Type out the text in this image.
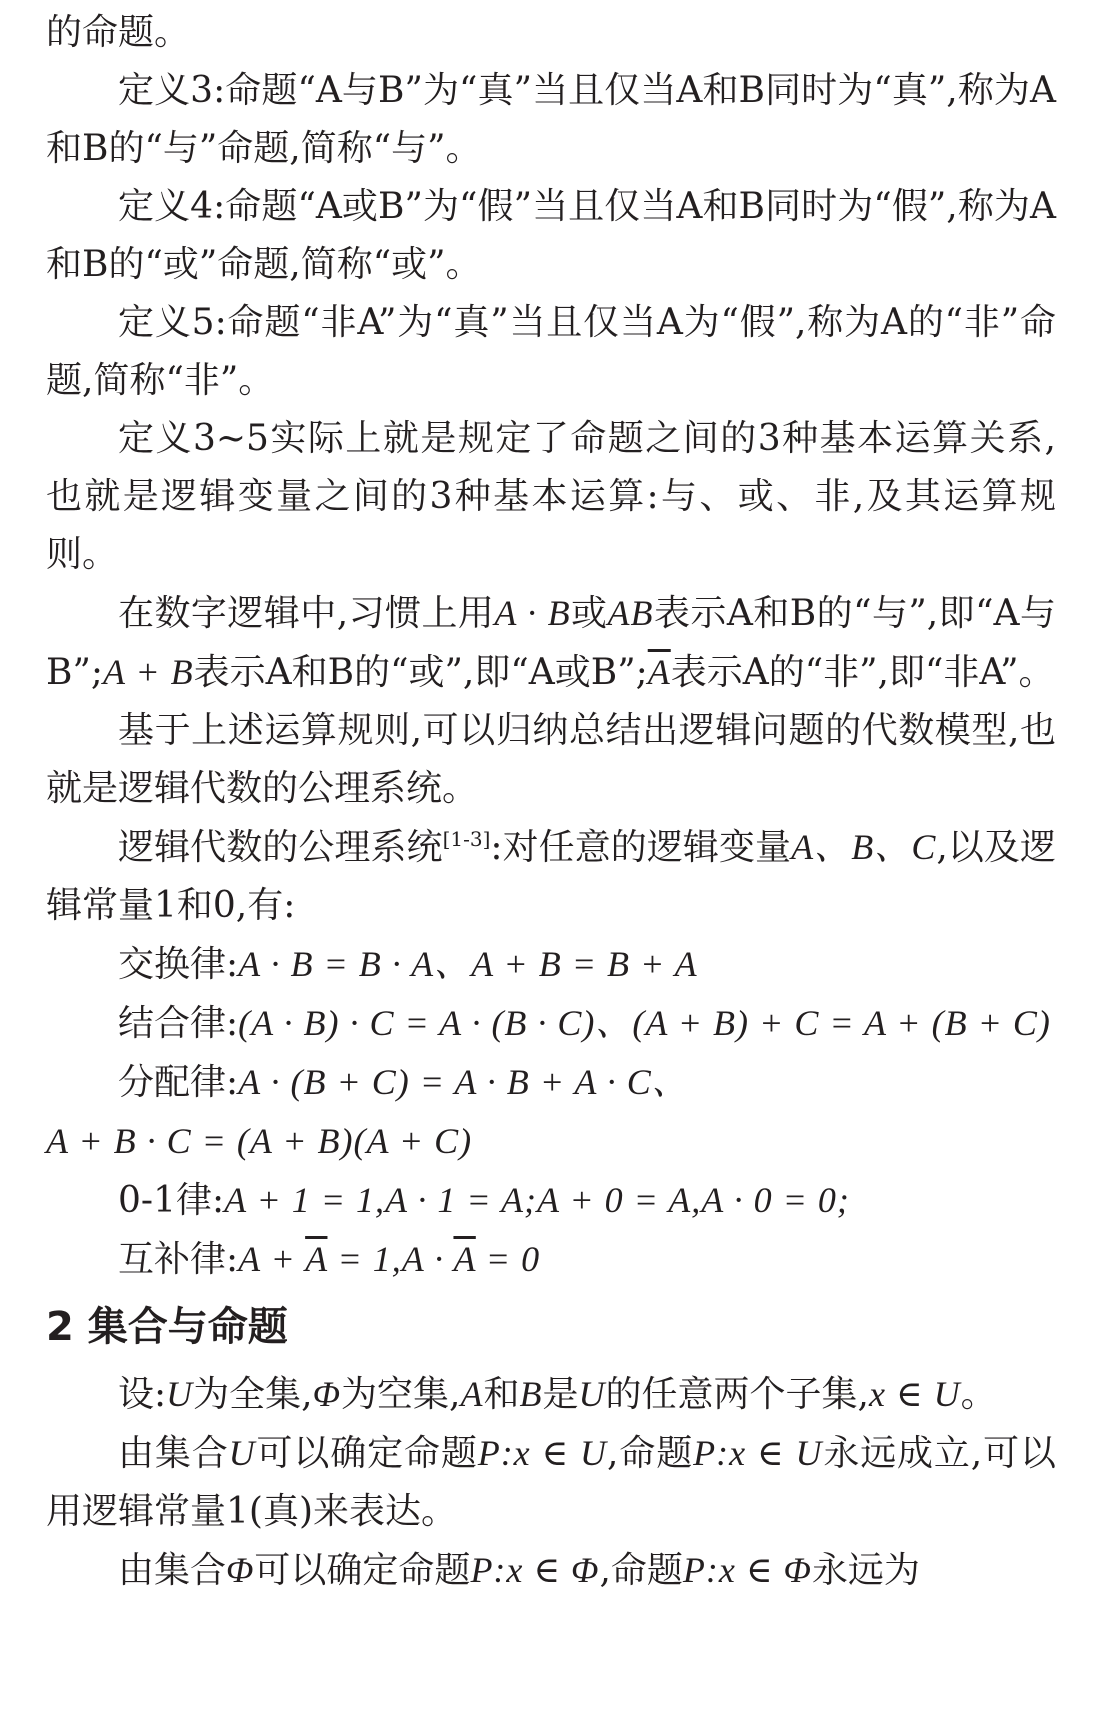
的命题。

定义3:命题“A与B”为“真”当且仅当A和B同时为“真”,称为A和B的“与”命题,简称“与”。

定义4:命题“A或B”为“假”当且仅当A和B同时为“假”,称为A和B的“或”命题,简称“或”。

定义5:命题“非A”为“真”当且仅当A为“假”,称为A的“非”命题,简称“非”。

定义3~5实际上就是规定了命题之间的3种基本运算关系,也就是逻辑变量之间的3种基本运算:与、或、非,及其运算规则。

在数字逻辑中,习惯上用A · B或AB表示A和B的“与”,即“A与B”;A + B表示A和B的“或”,即“A或$B”;\overline{A}$表示A的“非”,即“非A”。

基于上述运算规则,可以归纳总结出逻辑问题的代数模型,也就是逻辑代数的公理系统。

逻辑代数的公理系统[1-3]:对任意的逻辑变量A、B、C,以及逻辑常量1和0,有:

交换律:A · B = B · A、A + B = B + A

结合律:(A · B) · C = A · (B · C)、(A + B) + C = A + (B + C)

分配律:A · (B + C) = A · B + A · C、

A + B · C = (A + B)(A + C)

0-1律:A + 1 = 1,A · 1 = A;A + 0 = A,A · 0 = 0;

互补律:A + $\overline{A} = 1,A \cdot \overline{A} = 0$

2 集合与命题

设:U为全集,Φ为空集,A和B是U的任意两个子集,x ∈ U。

由集合U可以确定命题P:x ∈ U,命题P:x ∈ U永远成立,可以用逻辑常量1(真)来表达。

由集合Φ可以确定命题P:x ∈ Φ,命题P:x ∈ Φ永远为
